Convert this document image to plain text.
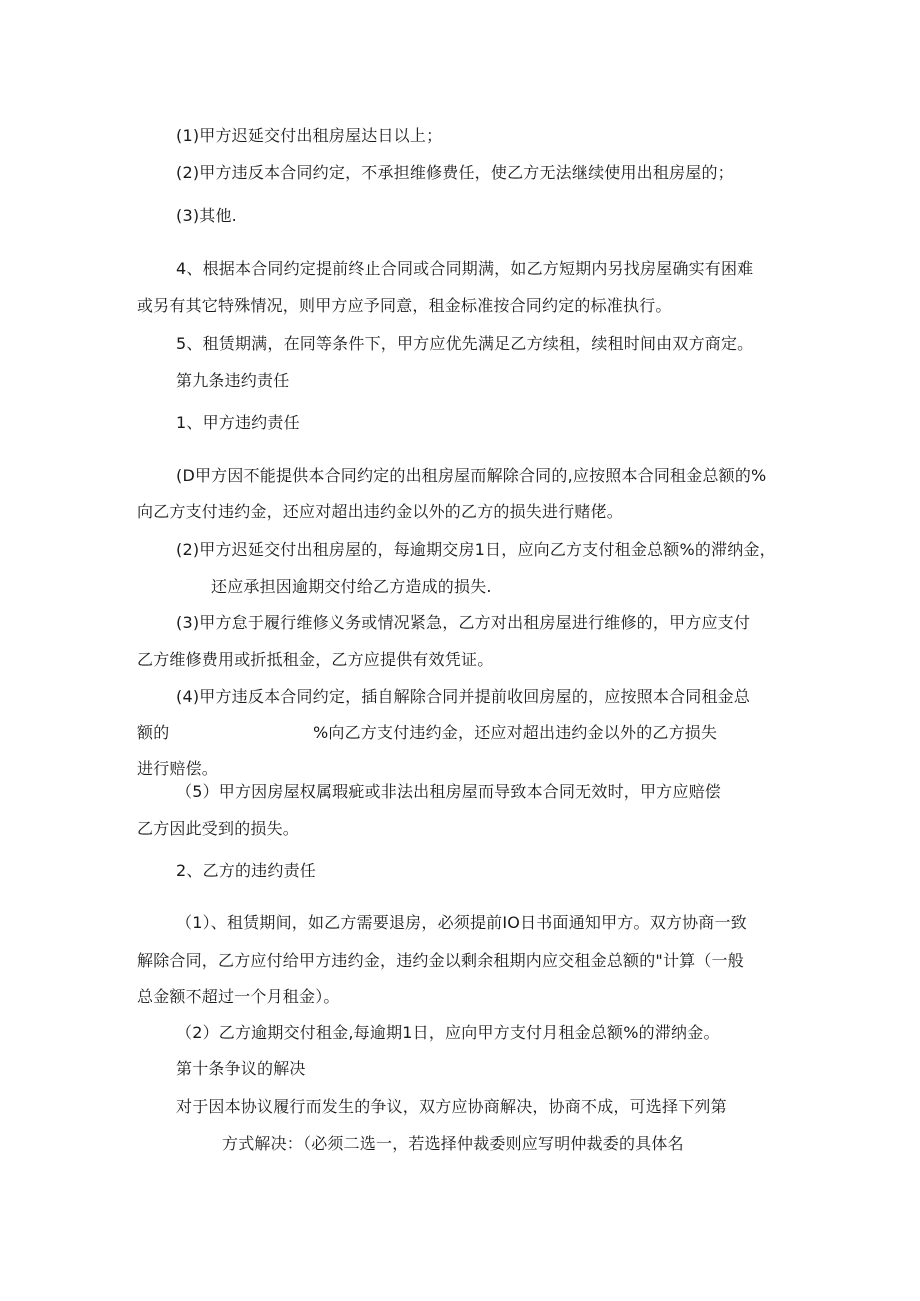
(1)甲方迟延交付出租房屋达日以上；
(2)甲方违反本合同约定，不承担维修费任，使乙方无法继续使用出租房屋的；
(3)其他.
4、根据本合同约定提前终止合同或合同期满，如乙方短期内另找房屋确实有困难
或另有其它特殊情况，则甲方应予同意，租金标准按合同约定的标准执行。
5、租赁期满，在同等条件下，甲方应优先满足乙方续租，续租时间由双方商定。
第九条违约责任
1、甲方违约责任
(D甲方因不能提供本合同约定的出租房屋而解除合同的,应按照本合同租金总额的%
向乙方支付违约金，还应对超出违约金以外的乙方的损失进行赌佬。
(2)甲方迟延交付出租房屋的，每逾期交房1日，应向乙方支付租金总额%的滞纳金，
还应承担因逾期交付给乙方造成的损失.
(3)甲方怠于履行维修义务或情况紧急，乙方对出租房屋进行维修的，甲方应支付
乙方维修费用或折抵租金，乙方应提供有效凭证。
(4)甲方违反本合同约定，插自解除合同并提前收回房屋的，应按照本合同租金总
额的	%向乙方支付违约金，还应对超出违约金以外的乙方损失
进行赔偿。
（5）甲方因房屋权属瑕疵或非法出租房屋而导致本合同无效时，甲方应赔偿
乙方因此受到的损失。
2、乙方的违约责任
（1）、租赁期间，如乙方需要退房，必须提前IO日书面通知甲方。双方协商一致
解除合同，乙方应付给甲方违约金，违约金以剩余租期内应交租金总额的"计算（一般
总金额不超过一个月租金）。
（2）乙方逾期交付租金,每逾期1日，应向甲方支付月租金总额%的滞纳金。
第十条争议的解决
对于因本协议履行而发生的争议，双方应协商解决，协商不成，可选择下列第
方式解决：（必须二选一，若选择仲裁委则应写明仲裁委的具体名
